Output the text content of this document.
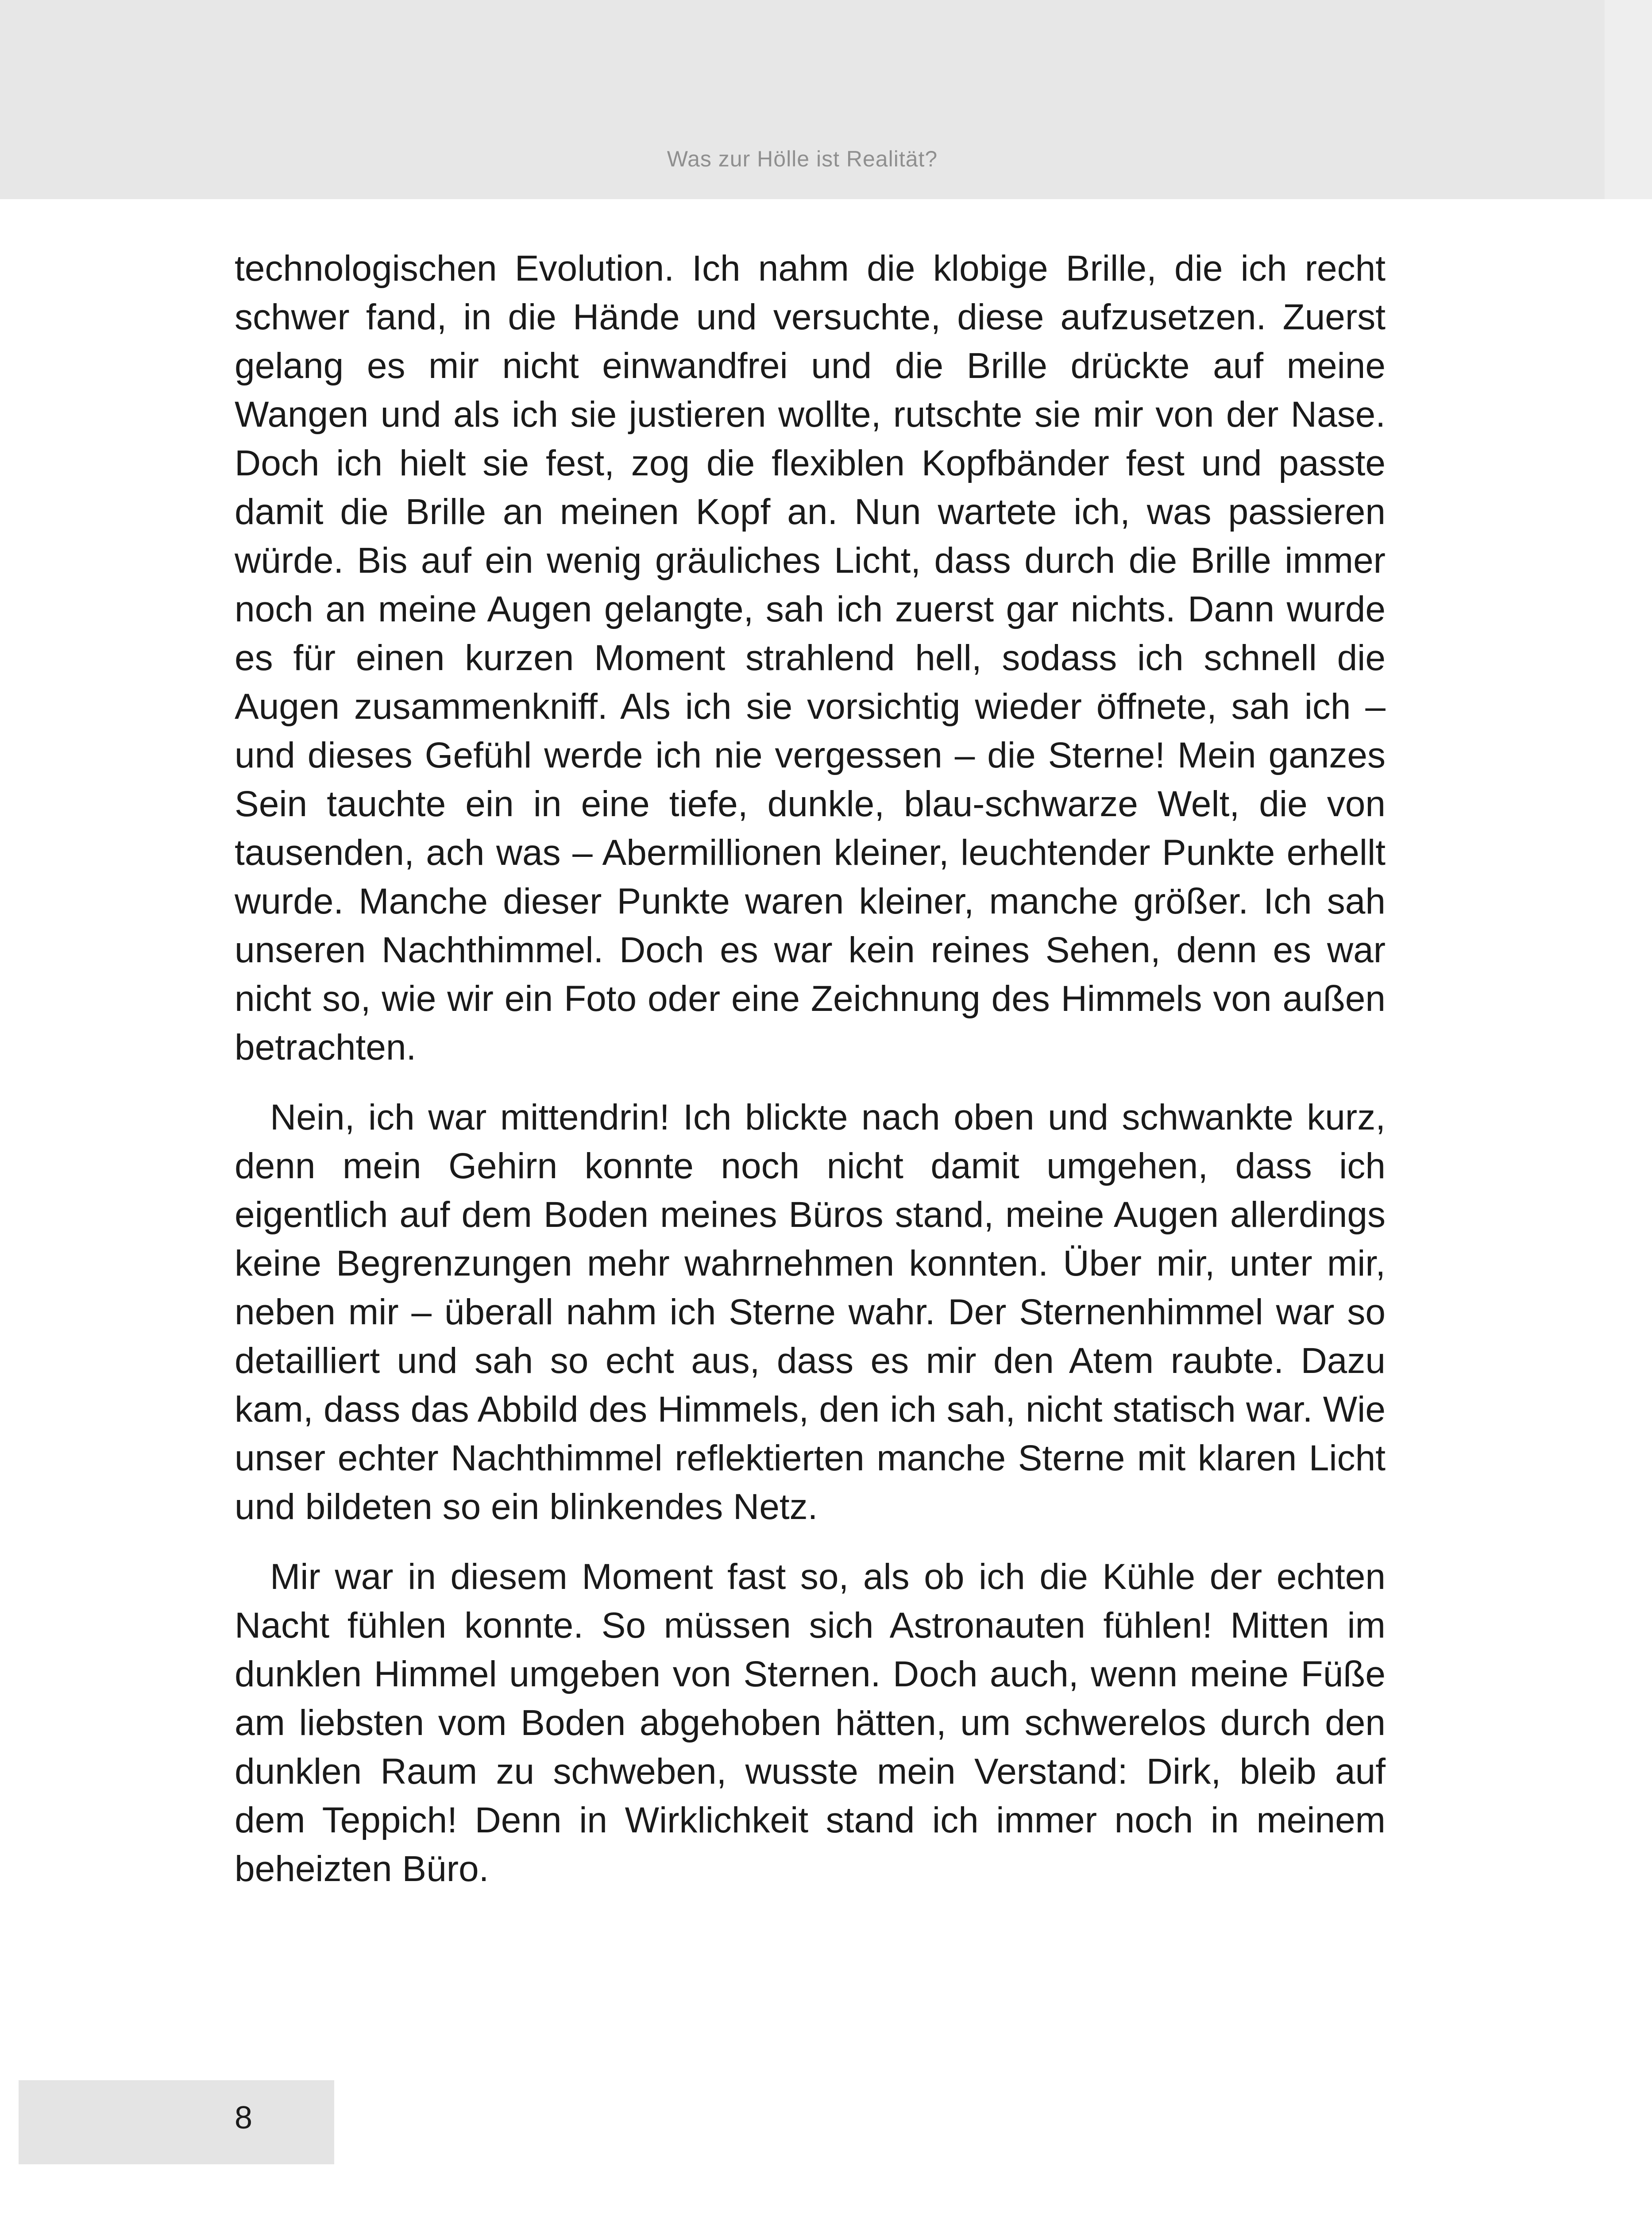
Was zur Hölle ist Realität?

technologischen Evolution. Ich nahm die klobige Brille, die ich recht schwer fand, in die Hände und versuchte, diese aufzusetzen. Zuerst gelang es mir nicht einwandfrei und die Brille drückte auf meine Wangen und als ich sie justieren wollte, rutschte sie mir von der Nase. Doch ich hielt sie fest, zog die flexiblen Kopfbänder fest und passte damit die Brille an meinen Kopf an. Nun wartete ich, was passieren würde. Bis auf ein wenig gräuliches Licht, dass durch die Brille immer noch an meine Augen gelangte, sah ich zuerst gar nichts. Dann wurde es für einen kurzen Moment strahlend hell, sodass ich schnell die Augen zusammenkniff. Als ich sie vorsichtig wieder öffnete, sah ich – und dieses Gefühl werde ich nie vergessen – die Sterne! Mein ganzes Sein tauchte ein in eine tiefe, dunkle, blau-schwarze Welt, die von tausenden, ach was – Abermillionen kleiner, leuchtender Punkte erhellt wurde. Manche dieser Punkte waren kleiner, manche größer. Ich sah unseren Nachthimmel. Doch es war kein reines Sehen, denn es war nicht so, wie wir ein Foto oder eine Zeichnung des Himmels von außen betrachten.

Nein, ich war mittendrin! Ich blickte nach oben und schwankte kurz, denn mein Gehirn konnte noch nicht damit umgehen, dass ich eigentlich auf dem Boden meines Büros stand, meine Augen allerdings keine Begrenzungen mehr wahrnehmen konnten. Über mir, unter mir, neben mir – überall nahm ich Sterne wahr. Der Sternenhimmel war so detailliert und sah so echt aus, dass es mir den Atem raubte. Dazu kam, dass das Abbild des Himmels, den ich sah, nicht statisch war. Wie unser echter Nachthimmel reflektierten manche Sterne mit klaren Licht und bildeten so ein blinkendes Netz.

Mir war in diesem Moment fast so, als ob ich die Kühle der echten Nacht fühlen konnte. So müssen sich Astronauten fühlen! Mitten im dunklen Himmel umgeben von Sternen. Doch auch, wenn meine Füße am liebsten vom Boden abgehoben hätten, um schwerelos durch den dunklen Raum zu schweben, wusste mein Verstand: Dirk, bleib auf dem Teppich! Denn in Wirklichkeit stand ich immer noch in meinem beheizten Büro.

8
